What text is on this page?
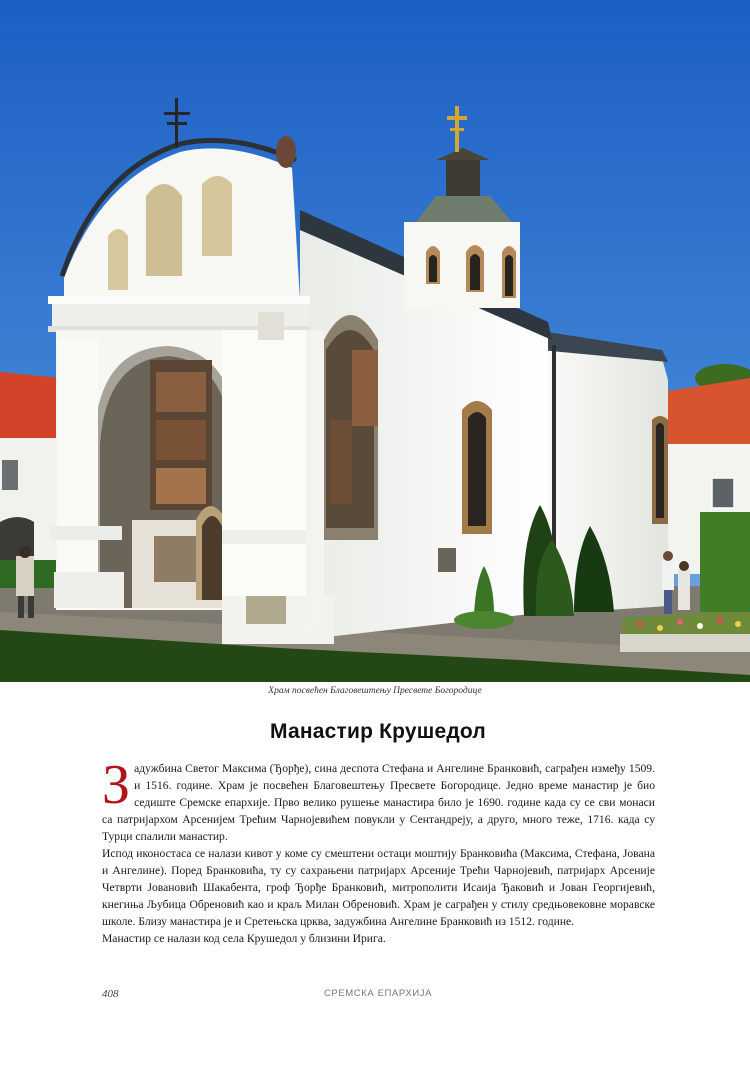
Храм посвећен Благовештењу Пресвете Богородице
Манастир Крушедол

Задужбина Светог Максима (Ђорђе), сина деспота Стефана и Ангелине Бранковић, саграђен између 1509. и 1516. године. Храм је посвећен Благовештењу Пресвете Богородице. Једно време манастир је био седиште Сремске епархије. Прво велико рушење манастира било је 1690. године када су се сви монаси са патријархом Арсенијем Трећим Чарнојевићем повукли у Сентандреју, а друго, много теже, 1716. када су Турци спалили манастир.

Испод иконостаса се налази кивот у коме су смештени остаци моштију Бранковића (Максима, Стефана, Јована и Ангелине). Поред Бранковића, ту су сахрањени патријарх Арсеније Трећи Чарнојевић, патријарх Арсеније Четврти Јовановић Шакабента, гроф Ђорђе Бранковић, митрополити Исаија Ђаковић и Јован Георгијевић, кнегиња Љубица Обреновић као и краљ Милан Обреновић. Храм је саграђен у стилу средњовековне моравске школе. Близу манастира је и Сретењска црква, задужбина Ангелине Бранковић из 1512. године.

Манастир се налази код села Крушедол у близини Ирига.

408	СРЕМСКА ЕПАРХИЈА
